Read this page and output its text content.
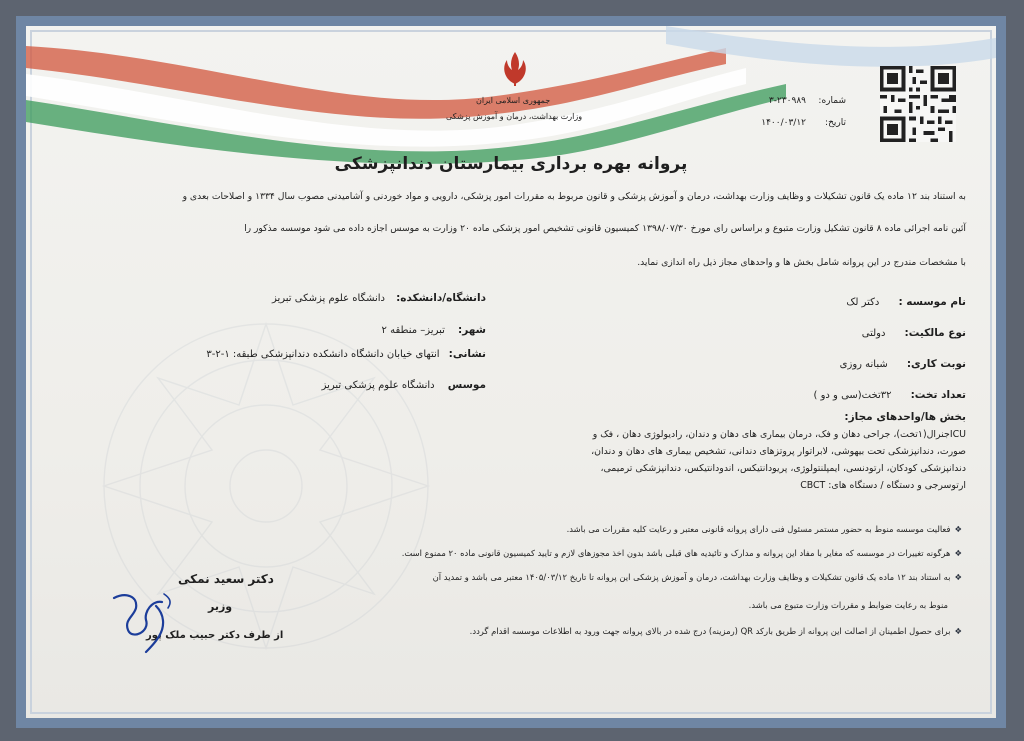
جمهوری اسلامی ایران
وزارت بهداشت، درمان و آموزش پزشکی
شماره:
۳-۲۳۰۹۸۹
تاریخ:
۱۴۰۰/۰۳/۱۲
پروانه بهره برداری بیمارستان دندانپزشکی
به استناد بند ۱۲ ماده یک قانون تشکیلات و وظایف وزارت بهداشت، درمان و آموزش پزشکی و قانون مربوط به مقررات امور پزشکی، دارویی و مواد خوردنی و آشامیدنی مصوب سال ۱۳۳۴ و اصلاحات بعدی و
آئین نامه اجرائی ماده ۸ قانون تشکیل وزارت متبوع و براساس رای مورخ ۱۳۹۸/۰۷/۳۰ کمیسیون قانونی تشخیص امور پزشکی ماده ۲۰ وزارت به موسس اجازه داده می شود موسسه مذکور را
با مشخصات مندرج در این پروانه شامل بخش ها و واحدهای مجاز ذیل راه اندازی نماید.
نام موسسه : دکتر لک
نوع مالکیت: دولتی
نوبت کاری: شبانه روزی
تعداد تخت: ۳۲تخت(سی و دو )
دانشگاه/دانشکده: دانشگاه علوم پزشکی تبریز
شهر: تبریز– منطقه ۲
نشانی: انتهای خیابان دانشگاه دانشکده دندانپزشکی طبقه: ۱-۲-۳
موسس دانشگاه علوم پزشکی تبریز
بخش ها/واحدهای مجاز:
ICUجنرال(۱تخت)، جراحی دهان و فک، درمان بیماری های دهان و دندان، رادیولوژی دهان ، فک و
صورت، دندانپزشکی تحت بیهوشی، لابراتوار پروتزهای دندانی، تشخیص بیماری های دهان و دندان،
دندانپزشکی کودکان، ارتودنسی، ایمپلنتولوژی، پریودانتیکس، اندودانتیکس، دندانپزشکی ترمیمی،
ارتوسرجی و دستگاه / دستگاه های: CBCT
❖فعالیت موسسه منوط به حضور مستمر مسئول فنی دارای پروانه قانونی معتبر و رعایت کلیه مقررات می باشد.
❖هرگونه تغییرات در موسسه که مغایر با مفاد این پروانه و مدارک و تائیدیه های قبلی باشد بدون اخذ مجوزهای لازم و تایید کمیسیون قانونی ماده ۲۰ ممنوع است.
❖به استناد بند ۱۲ ماده یک قانون تشکیلات و وظایف وزارت بهداشت، درمان و آموزش پزشکی این پروانه تا تاریخ ۱۴۰۵/۰۳/۱۲ معتبر می باشد و تمدید آن
منوط به رعایت ضوابط و مقررات وزارت متبوع می باشد.
❖برای حصول اطمینان از اصالت این پروانه از طریق بارکد QR (رمزینه) درج شده در بالای پروانه جهت ورود به اطلاعات موسسه اقدام گردد.
دکتر سعید نمکی
وزیر
از طرف دکتر حبیب ملک پور
